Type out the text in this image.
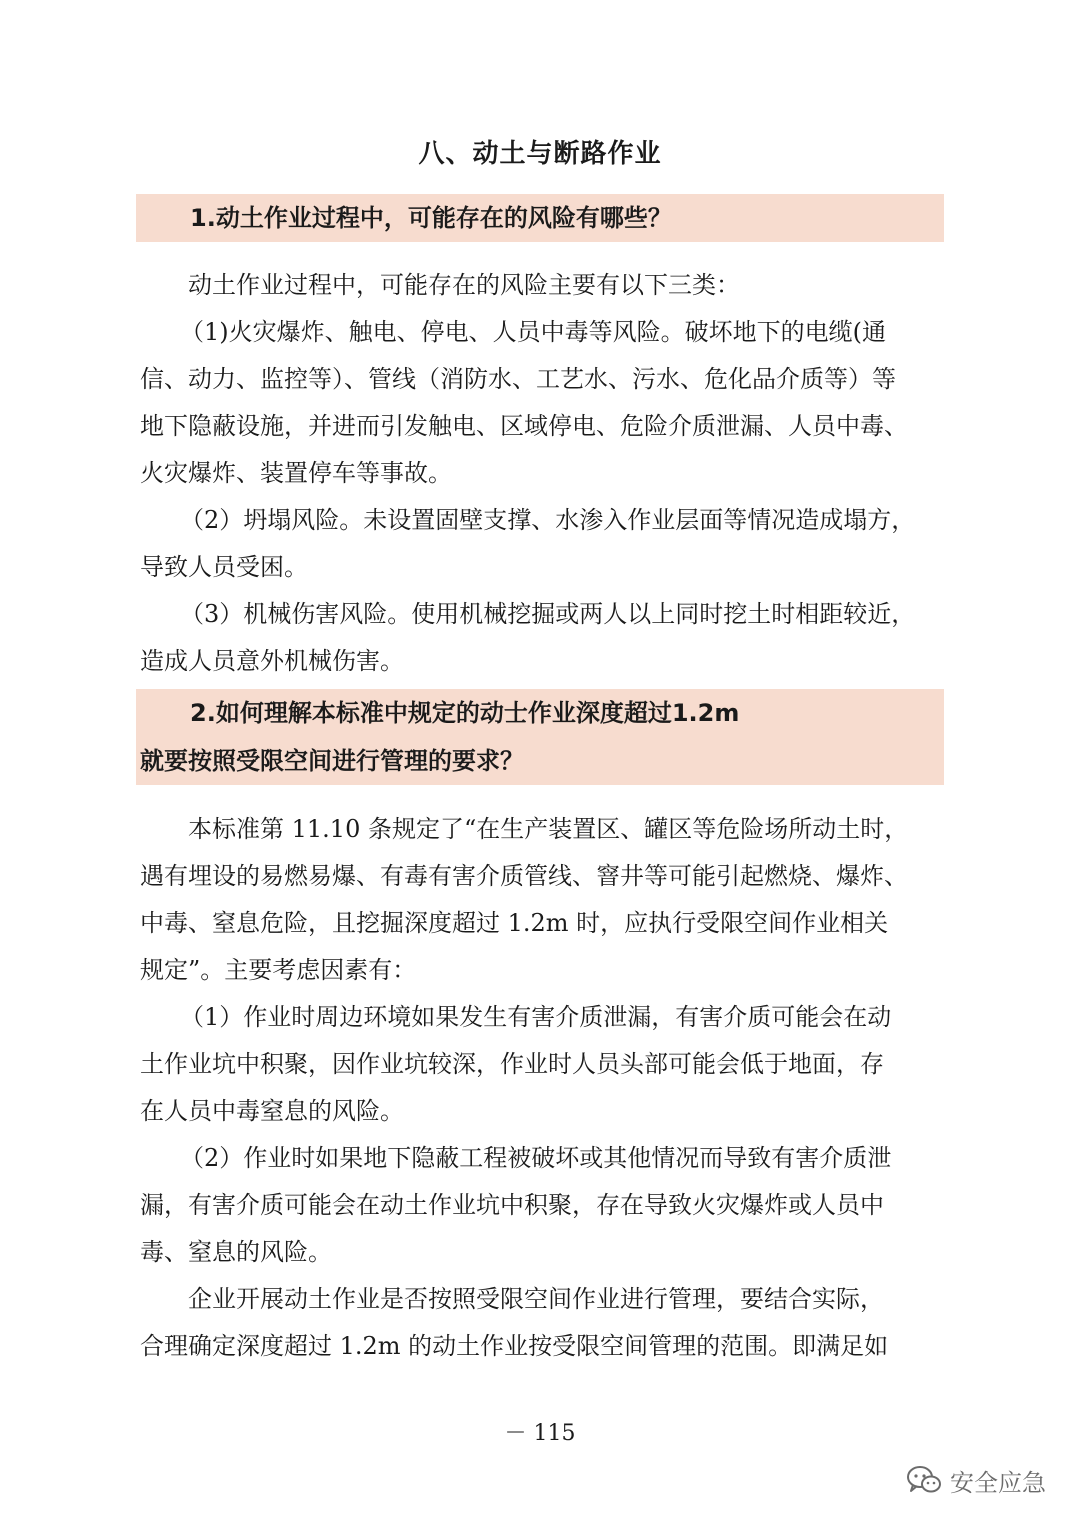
八、动土与断路作业

1.动土作业过程中，可能存在的风险有哪些？

动土作业过程中，可能存在的风险主要有以下三类：
（1)火灾爆炸、触电、停电、人员中毒等风险。破坏地下的电缆(通
信、动力、监控等）、管线（消防水、工艺水、污水、危化品介质等）等
地下隐蔽设施，并进而引发触电、区域停电、危险介质泄漏、人员中毒、
火灾爆炸、装置停车等事故。
（2）坍塌风险。未设置固壁支撑、水渗入作业层面等情况造成塌方，
导致人员受困。
（3）机械伤害风险。使用机械挖掘或两人以上同时挖土时相距较近，
造成人员意外机械伤害。

2.如何理解本标准中规定的动士作业深度超过1.2m

就要按照受限空间进行管理的要求？

本标准第 11.10 条规定了“在生产装置区、罐区等危险场所动土时，
遇有埋设的易燃易爆、有毒有害介质管线、窨井等可能引起燃烧、爆炸、
中毒、窒息危险，且挖掘深度超过 1.2m 时，应执行受限空间作业相关
规定”。主要考虑因素有：
（1）作业时周边环境如果发生有害介质泄漏，有害介质可能会在动
土作业坑中积聚，因作业坑较深，作业时人员头部可能会低于地面，存
在人员中毒窒息的风险。
（2）作业时如果地下隐蔽工程被破坏或其他情况而导致有害介质泄
漏，有害介质可能会在动土作业坑中积聚，存在导致火灾爆炸或人员中
毒、窒息的风险。
企业开展动土作业是否按照受限空间作业进行管理，要结合实际，
合理确定深度超过 1.2m 的动土作业按受限空间管理的范围。即满足如
－ 115
安全应急
